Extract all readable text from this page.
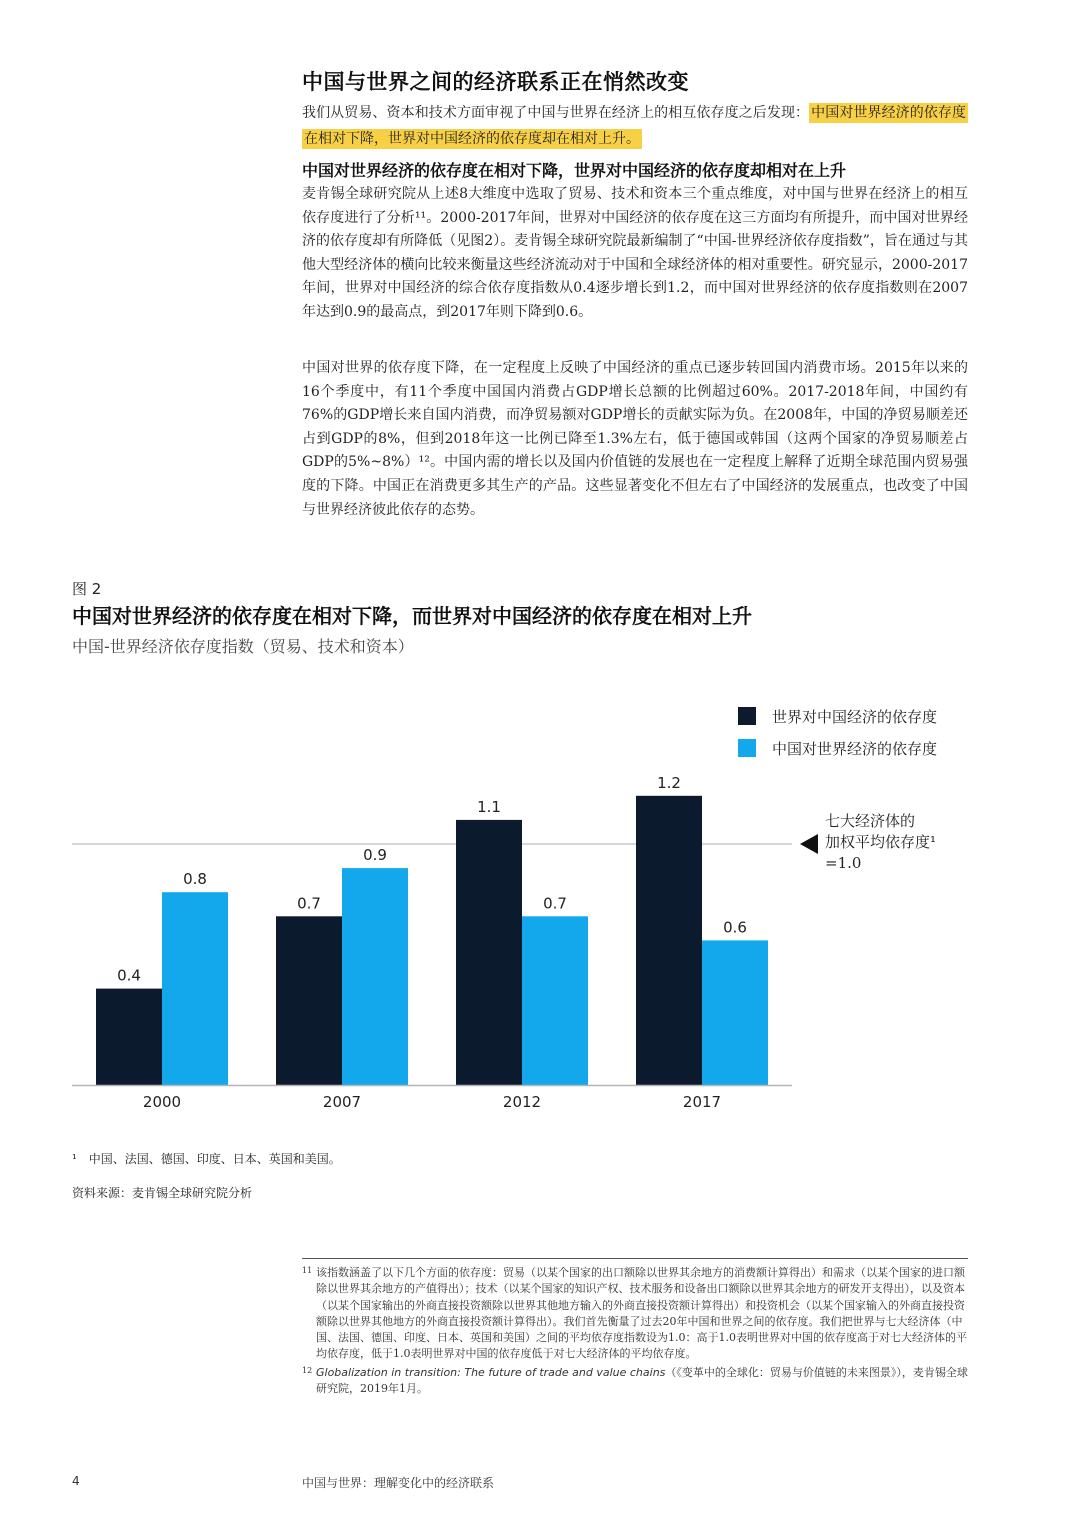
中国与世界之间的经济联系正在悄然改变

我们从贸易、资本和技术方面审视了中国与世界在经济上的相互依存度之后发现： 中国对世界经济的依存度在相对下降，世界对中国经济的依存度却在相对上升。

中国对世界经济的依存度在相对下降，世界对中国经济的依存度却相对在上升

麦肯锡全球研究院从上述8大维度中选取了贸易、技术和资本三个重点维度，对中国与世界在经济上的相互依存度进行了分析¹¹。2000-2017年间，世界对中国经济的依存度在这三方面均有所提升，而中国对世界经济的依存度却有所降低（见图2）。麦肯锡全球研究院最新编制了“中国-世界经济依存度指数”，旨在通过与其他大型经济体的横向比较来衡量这些经济流动对于中国和全球经济体的相对重要性。研究显示，2000-2017年间，世界对中国经济的综合依存度指数从0.4逐步增长到1.2，而中国对世界经济的依存度指数则在2007年达到0.9的最高点，到2017年则下降到0.6。

中国对世界的依存度下降，在一定程度上反映了中国经济的重点已逐步转回国内消费市场。2015年以来的16个季度中，有11个季度中国国内消费占GDP增长总额的比例超过60%。2017-2018年间，中国约有76%的GDP增长来自国内消费，而净贸易额对GDP增长的贡献实际为负。在2008年，中国的净贸易顺差还占到GDP的8%，但到2018年这一比例已降至1.3%左右，低于德国或韩国（这两个国家的净贸易顺差占GDP的5%~8%）¹²。中国内需的增长以及国内价值链的发展也在一定程度上解释了近期全球范围内贸易强度的下降。中国正在消费更多其生产的产品。这些显著变化不但左右了中国经济的发展重点，也改变了中国与世界经济彼此依存的态势。

图 2
中国对世界经济的依存度在相对下降，而世界对中国经济的依存度在相对上升
中国-世界经济依存度指数（贸易、技术和资本）
0.4
0.8
2000
0.7
0.9
2007
1.1
0.7
2012
1.2
0.6
2017
世界对中国经济的依存度
中国对世界经济的依存度
七大经济体的
加权平均依存度¹
=1.0
¹　中国、法国、德国、印度、日本、英国和美国。
资料来源：麦肯锡全球研究院分析

11 该指数涵盖了以下几个方面的依存度：贸易（以某个国家的出口额除以世界其余地方的消费额计算得出）和需求（以某个国家的进口额除以世界其余地方的产值得出）；技术（以某个国家的知识产权、技术服务和设备出口额除以世界其余地方的研发开支得出），以及资本（以某个国家输出的外商直接投资额除以世界其他地方输入的外商直接投资额计算得出）和投资机会（以某个国家输入的外商直接投资额除以世界其他地方的外商直接投资额计算得出）。我们首先衡量了过去20年中国和世界之间的依存度。我们把世界与七大经济体（中国、法国、德国、印度、日本、英国和美国）之间的平均依存度指数设为1.0：高于1.0表明世界对中国的依存度高于对七大经济体的平均依存度，低于1.0表明世界对中国的依存度低于对七大经济体的平均依存度。

12 Globalization in transition: The future of trade and value chains（《变革中的全球化：贸易与价值链的未来图景》），麦肯锡全球研究院，2019年1月。

4	中国与世界：理解变化中的经济联系
